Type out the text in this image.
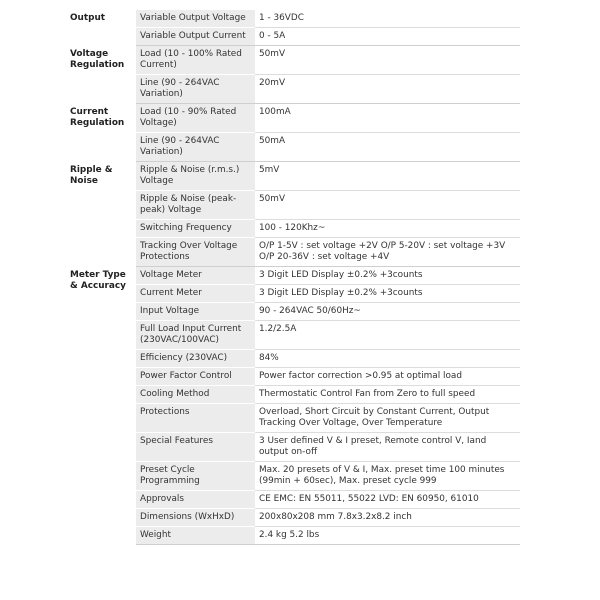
Output	Variable Output Voltage	1 - 36VDC
	Variable Output Current	0 - 5A
Voltage Regulation	Load (10 - 100% Rated Current)	50mV
	Line (90 - 264VAC Variation)	20mV
Current Regulation	Load (10 - 90% Rated Voltage)	100mA
	Line (90 - 264VAC Variation)	50mA
Ripple & Noise	Ripple & Noise (r.m.s.) Voltage	5mV
	Ripple & Noise (peak-peak) Voltage	50mV
	Switching Frequency	100 - 120Khz~
	Tracking Over Voltage Protections	O/P 1-5V : set voltage +2V O/P 5-20V : set voltage +3V O/P 20-36V : set voltage +4V
Meter Type & Accuracy	Voltage Meter	3 Digit LED Display ±0.2% +3counts
	Current Meter	3 Digit LED Display ±0.2% +3counts
	Input Voltage	90 - 264VAC 50/60Hz~
	Full Load Input Current (230VAC/100VAC)	1.2/2.5A
	Efficiency (230VAC)	84%
	Power Factor Control	Power factor correction >0.95 at optimal load
	Cooling Method	Thermostatic Control Fan from Zero to full speed
	Protections	Overload, Short Circuit by Constant Current, Output Tracking Over Voltage, Over Temperature
	Special Features	3 User defined V & I preset, Remote control V, Iand output on-off
	Preset Cycle Programming	Max. 20 presets of V & I, Max. preset time 100 minutes (99min + 60sec), Max. preset cycle 999
	Approvals	CE EMC: EN 55011, 55022 LVD: EN 60950, 61010
	Dimensions (WxHxD)	200x80x208 mm 7.8x3.2x8.2 inch
	Weight	2.4 kg 5.2 lbs
